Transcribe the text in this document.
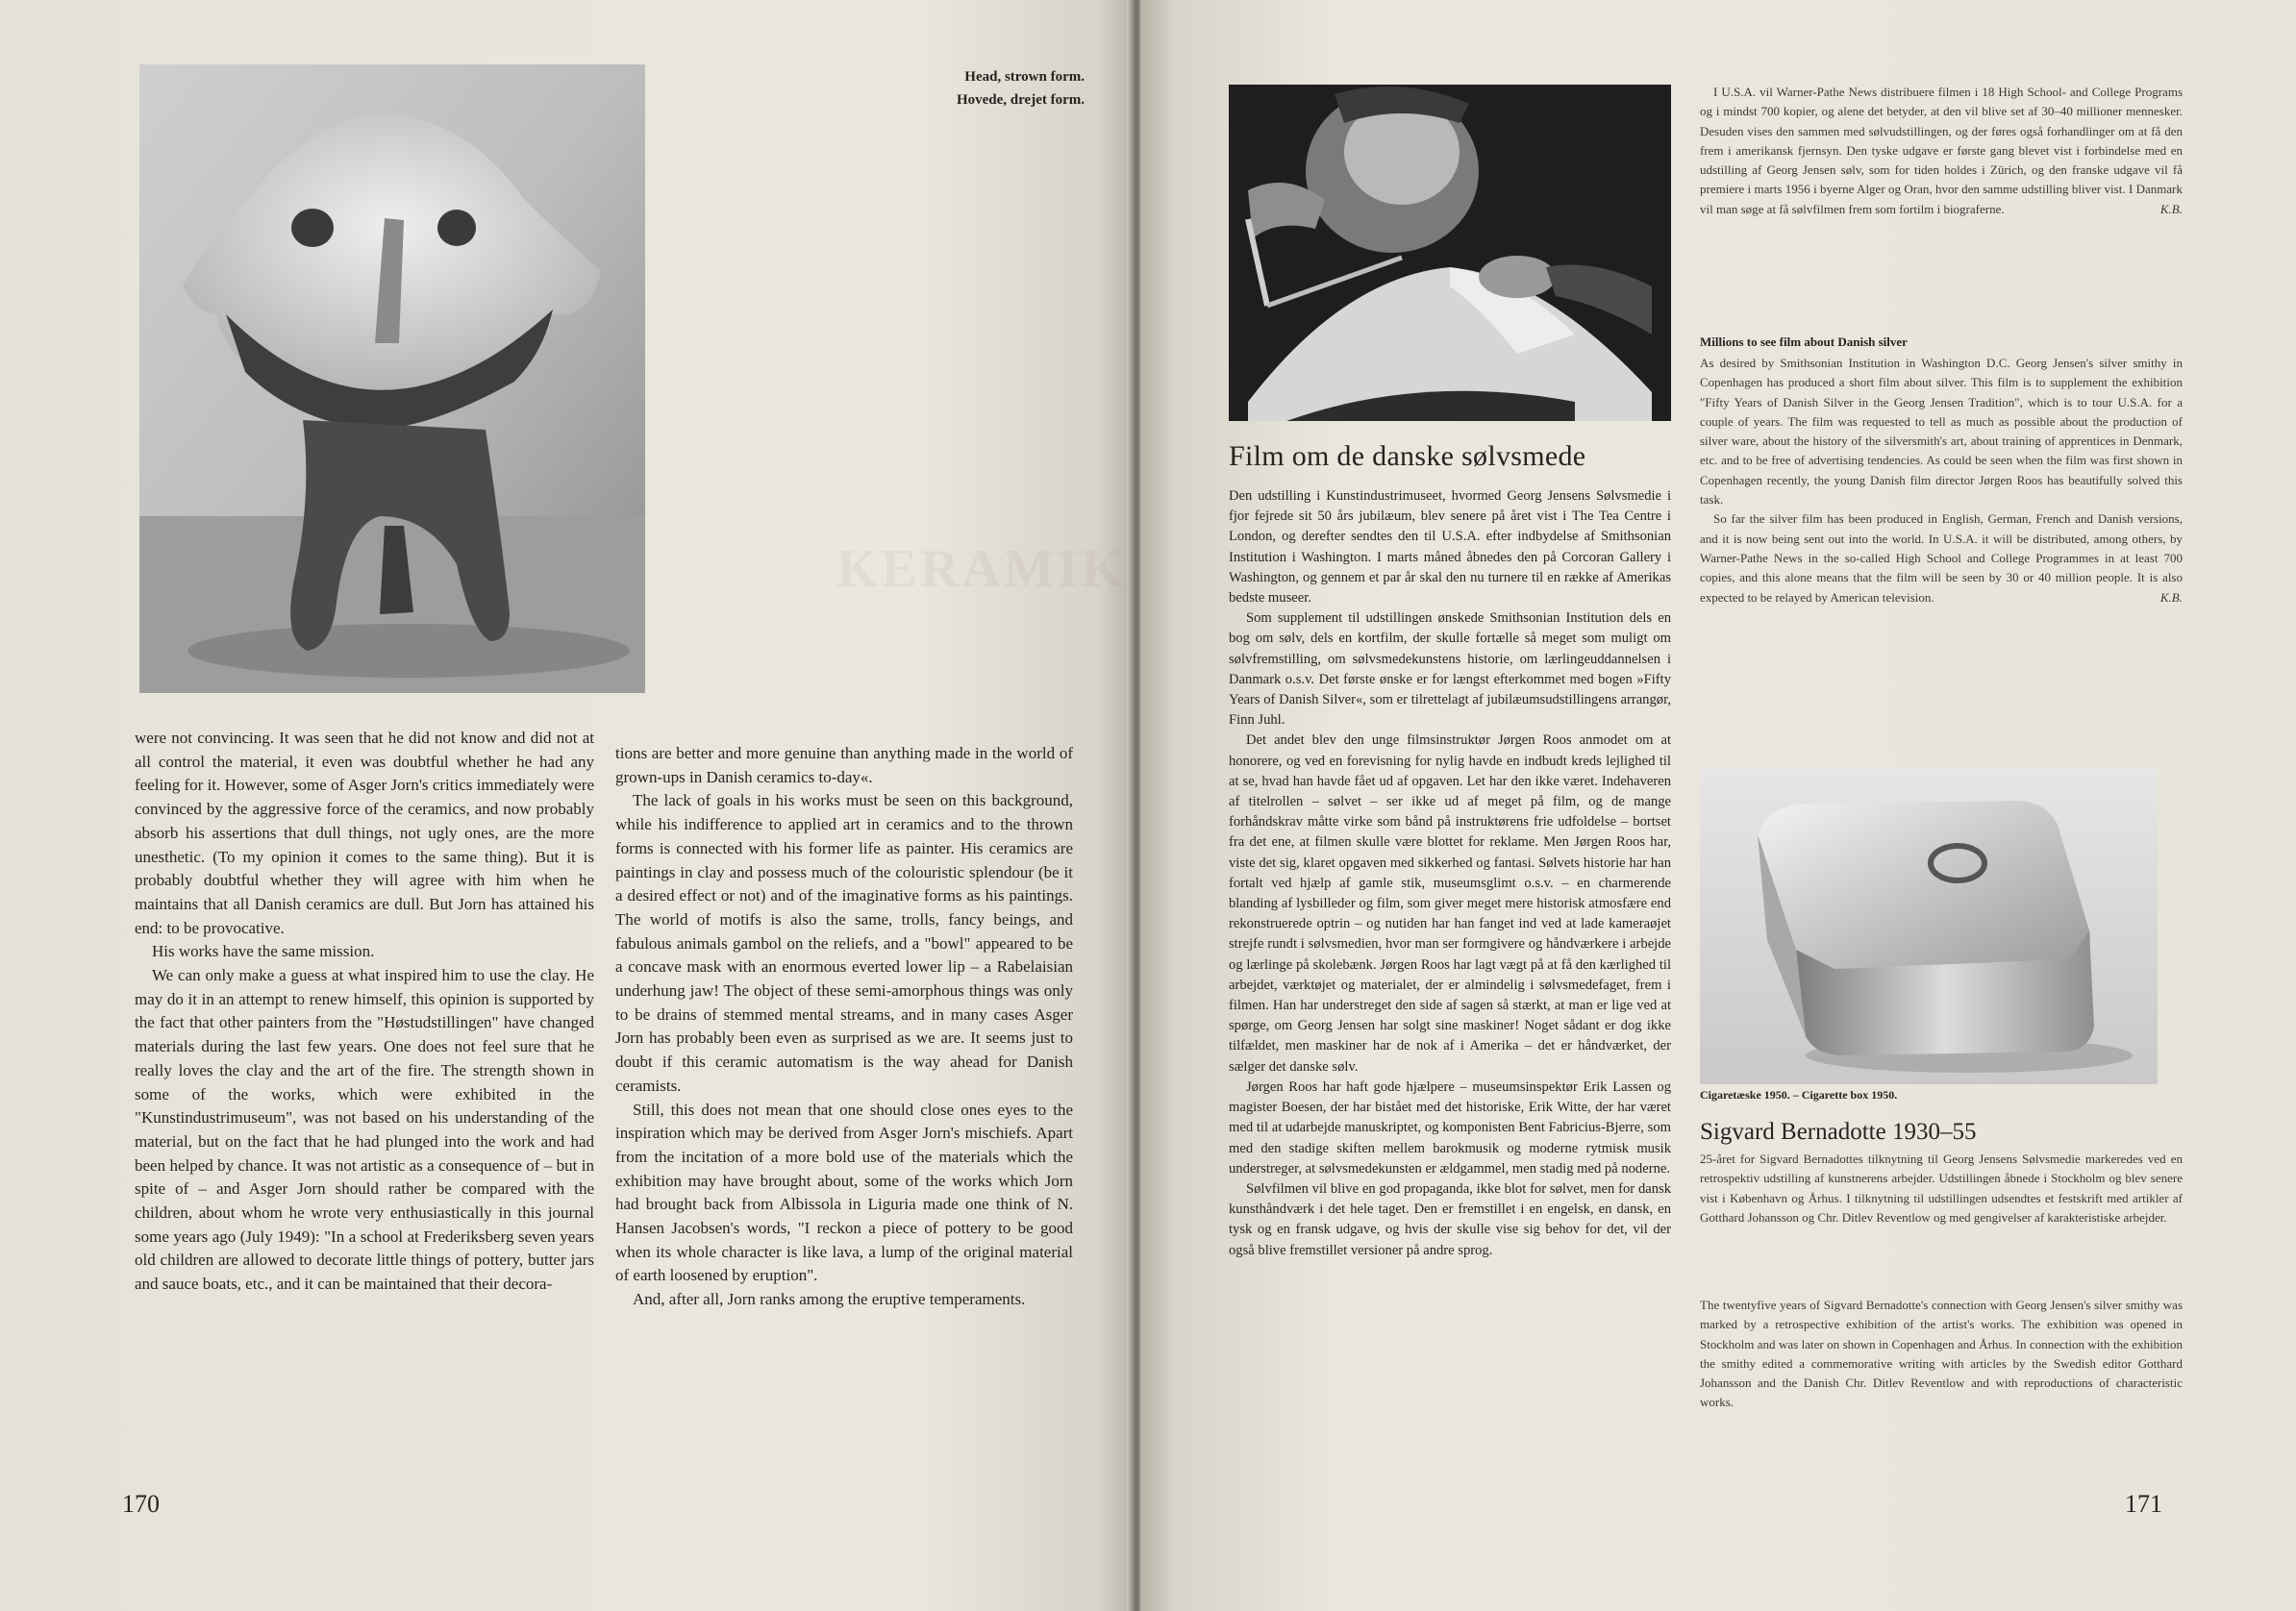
Head, strown form.
Hovede, drejet form.
KERAMIK

were not convincing. It was seen that he did not know and did not at all control the material, it even was doubtful whether he had any feeling for it. However, some of Asger Jorn's critics immediately were convinced by the aggressive force of the ceramics, and now probably absorb his assertions that dull things, not ugly ones, are the more unesthetic. (To my opinion it comes to the same thing). But it is probably doubtful whether they will agree with him when he maintains that all Danish ceramics are dull. But Jorn has attained his end: to be provocative.

His works have the same mission.

We can only make a guess at what inspired him to use the clay. He may do it in an attempt to renew himself, this opinion is supported by the fact that other painters from the "Høstudstillingen" have changed materials during the last few years. One does not feel sure that he really loves the clay and the art of the fire. The strength shown in some of the works, which were exhibited in the "Kunstindustrimuseum", was not based on his understanding of the material, but on the fact that he had plunged into the work and had been helped by chance. It was not artistic as a consequence of – but in spite of – and Asger Jorn should rather be compared with the children, about whom he wrote very enthusiastically in this journal some years ago (July 1949): "In a school at Frederiksberg seven years old children are allowed to decorate little things of pottery, butter jars and sauce boats, etc., and it can be maintained that their decora-

tions are better and more genuine than anything made in the world of grown-ups in Danish ceramics to-day«.

The lack of goals in his works must be seen on this background, while his indifference to applied art in ceramics and to the thrown forms is connected with his former life as painter. His ceramics are paintings in clay and possess much of the colouristic splendour (be it a desired effect or not) and of the imaginative forms as his paintings. The world of motifs is also the same, trolls, fancy beings, and fabulous animals gambol on the reliefs, and a "bowl" appeared to be a concave mask with an enormous everted lower lip – a Rabelaisian underhung jaw! The object of these semi-amorphous things was only to be drains of stemmed mental streams, and in many cases Asger Jorn has probably been even as surprised as we are. It seems just to doubt if this ceramic automatism is the way ahead for Danish ceramists.

Still, this does not mean that one should close ones eyes to the inspiration which may be derived from Asger Jorn's mischiefs. Apart from the incitation of a more bold use of the materials which the exhibition may have brought about, some of the works which Jorn had brought back from Albissola in Liguria made one think of N. Hansen Jacobsen's words, "I reckon a piece of pottery to be good when its whole character is like lava, a lump of the original material of earth loosened by eruption".

And, after all, Jorn ranks among the eruptive temperaments.

170
Film om de danske sølvsmede

Den udstilling i Kunstindustrimuseet, hvormed Georg Jensens Sølvsmedie i fjor fejrede sit 50 års jubilæum, blev senere på året vist i The Tea Centre i London, og derefter sendtes den til U.S.A. efter indbydelse af Smithsonian Institution i Washington. I marts måned åbnedes den på Corcoran Gallery i Washington, og gennem et par år skal den nu turnere til en række af Amerikas bedste museer.

Som supplement til udstillingen ønskede Smithsonian Institution dels en bog om sølv, dels en kortfilm, der skulle fortælle så meget som muligt om sølvfremstilling, om sølvsmedekunstens historie, om lærlingeuddannelsen i Danmark o.s.v. Det første ønske er for længst efterkommet med bogen »Fifty Years of Danish Silver«, som er tilrettelagt af jubilæumsudstillingens arrangør, Finn Juhl.

Det andet blev den unge filmsinstruktør Jørgen Roos anmodet om at honorere, og ved en forevisning for nylig havde en indbudt kreds lejlighed til at se, hvad han havde fået ud af opgaven. Let har den ikke været. Indehaveren af titelrollen – sølvet – ser ikke ud af meget på film, og de mange forhåndskrav måtte virke som bånd på instruktørens frie udfoldelse – bortset fra det ene, at filmen skulle være blottet for reklame. Men Jørgen Roos har, viste det sig, klaret opgaven med sikkerhed og fantasi. Sølvets historie har han fortalt ved hjælp af gamle stik, museumsglimt o.s.v. – en charmerende blanding af lysbilleder og film, som giver meget mere historisk atmosfære end rekonstruerede optrin – og nutiden har han fanget ind ved at lade kameraøjet strejfe rundt i sølvsmedien, hvor man ser formgivere og håndværkere i arbejde og lærlinge på skolebænk. Jørgen Roos har lagt vægt på at få den kærlighed til arbejdet, værktøjet og materialet, der er almindelig i sølvsmedefaget, frem i filmen. Han har understreget den side af sagen så stærkt, at man er lige ved at spørge, om Georg Jensen har solgt sine maskiner! Noget sådant er dog ikke tilfældet, men maskiner har de nok af i Amerika – det er håndværket, der sælger det danske sølv.

Jørgen Roos har haft gode hjælpere – museumsinspektør Erik Lassen og magister Boesen, der har bistået med det historiske, Erik Witte, der har været med til at udarbejde manuskriptet, og komponisten Bent Fabricius-Bjerre, som med den stadige skiften mellem barokmusik og moderne rytmisk musik understreger, at sølvsmedekunsten er ældgammel, men stadig med på noderne.

Sølvfilmen vil blive en god propaganda, ikke blot for sølvet, men for dansk kunsthåndværk i det hele taget. Den er fremstillet i en engelsk, en dansk, en tysk og en fransk udgave, og hvis der skulle vise sig behov for det, vil der også blive fremstillet versioner på andre sprog.

I U.S.A. vil Warner-Pathe News distribuere filmen i 18 High School- and College Programs og i mindst 700 kopier, og alene det betyder, at den vil blive set af 30–40 millioner mennesker. Desuden vises den sammen med sølvudstillingen, og der føres også forhandlinger om at få den frem i amerikansk fjernsyn. Den tyske udgave er første gang blevet vist i forbindelse med en udstilling af Georg Jensen sølv, som for tiden holdes i Zürich, og den franske udgave vil få premiere i marts 1956 i byerne Alger og Oran, hvor den samme udstilling bliver vist. I Danmark vil man søge at få sølvfilmen frem som fortilm i biograferne.	K.B.

Millions to see film about Danish silver

As desired by Smithsonian Institution in Washington D.C. Georg Jensen's silver smithy in Copenhagen has produced a short film about silver. This film is to supplement the exhibition "Fifty Years of Danish Silver in the Georg Jensen Tradition", which is to tour U.S.A. for a couple of years. The film was requested to tell as much as possible about the production of silver ware, about the history of the silversmith's art, about training of apprentices in Denmark, etc. and to be free of advertising tendencies. As could be seen when the film was first shown in Copenhagen recently, the young Danish film director Jørgen Roos has beautifully solved this task.

So far the silver film has been produced in English, German, French and Danish versions, and it is now being sent out into the world. In U.S.A. it will be distributed, among others, by Warner-Pathe News in the so-called High School and College Programmes in at least 700 copies, and this alone means that the film will be seen by 30 or 40 million people. It is also expected to be relayed by American television.	K.B.

Cigaretæske 1950. – Cigarette box 1950.
Sigvard Bernadotte 1930–55

25-året for Sigvard Bernadottes tilknytning til Georg Jensens Sølvsmedie markeredes ved en retrospektiv udstilling af kunstnerens arbejder. Udstillingen åbnede i Stockholm og blev senere vist i København og Århus. I tilknytning til udstillingen udsendtes et festskrift med artikler af Gotthard Johansson og Chr. Ditlev Reventlow og med gengivelser af karakteristiske arbejder.

The twentyfive years of Sigvard Bernadotte's connection with Georg Jensen's silver smithy was marked by a retrospective exhibition of the artist's works. The exhibition was opened in Stockholm and was later on shown in Copenhagen and Århus. In connection with the exhibition the smithy edited a commemorative writing with articles by the Swedish editor Gotthard Johansson and the Danish Chr. Ditlev Reventlow and with reproductions of characteristic works.

171
